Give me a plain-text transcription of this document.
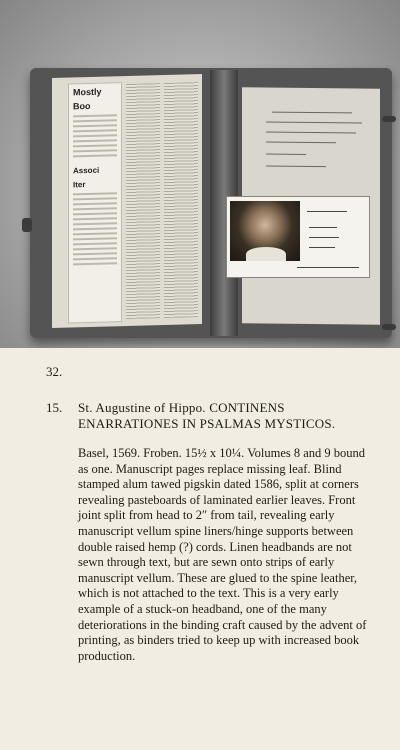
Mostly
Boo
Associ
Iter

32.

15. St. Augustine of Hippo. CONTINENS
ENARRATIONES IN PSALMAS MYSTICOS.

Basel, 1569. Froben. 15½ x 10¼. Volumes 8 and 9 bound as one. Manuscript pages replace missing leaf. Blind stamped alum tawed pigskin dated 1586, split at corners revealing pasteboards of laminated earlier leaves. Front joint split from head to 2″ from tail, revealing early manuscript vellum spine liners/hinge supports between double raised hemp (?) cords. Linen headbands are not sewn through text, but are sewn onto strips of early manuscript vellum. These are glued to the spine leather, which is not attached to the text. This is a very early example of a stuck-on headband, one of the many deteriorations in the binding craft caused by the advent of printing, as binders tried to keep up with increased book production.
